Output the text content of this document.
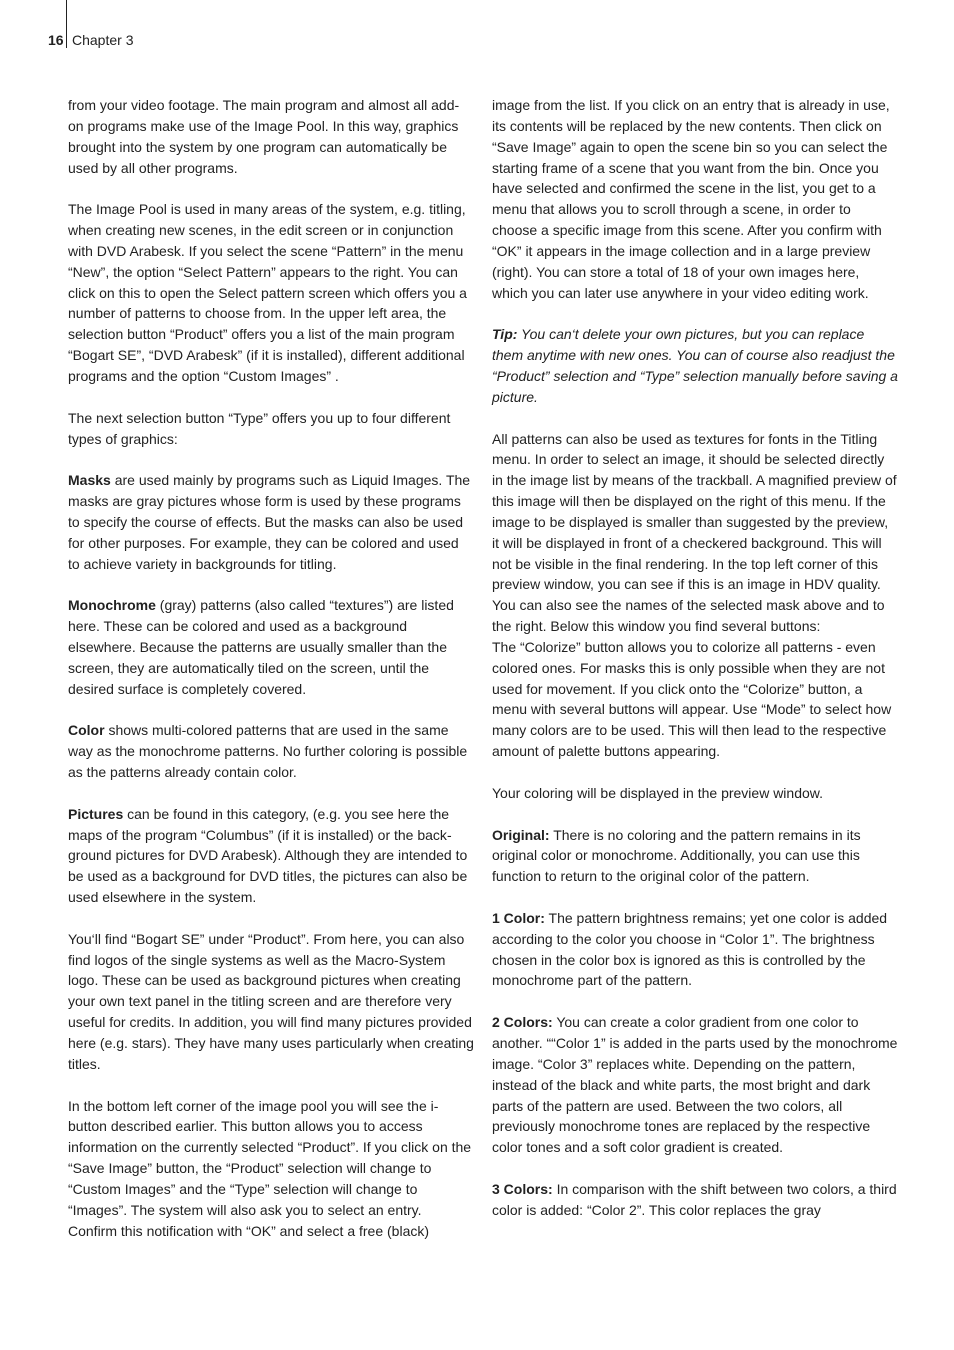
16 Chapter 3

from your video footage. The main program and almost all add-on programs make use of the Image Pool. In this way, graphics brought into the system by one program can automatically be used by all other programs.

The Image Pool is used in many areas of the system, e.g. titling, when creating new scenes, in the edit screen or in conjunction with DVD Arabesk. If you select the scene “Pattern” in the menu “New”, the option “Select Pattern” appears to the right. You can click on this to open the Select pattern screen which offers you a number of patterns to choose from. In the upper left area, the selection button “Product” offers you a list of the main program “Bogart SE”, “DVD Arabesk” (if it is installed), different additional programs and the option “Custom Images” .

The next selection button “Type” offers you up to four different types of graphics:

Masks are used mainly by programs such as Liquid Images. The masks are gray pictures whose form is used by these programs to specify the course of effects. But the masks can also be used for other purposes. For example, they can be colored and used to achieve variety in backgrounds for titling.

Monochrome (gray) patterns (also called “textures”) are listed here. These can be colored and used as a background elsewhere. Because the patterns are usually smaller than the screen, they are automatically tiled on the screen, until the desired surface is completely covered.

Color shows multi-colored patterns that are used in the same way as the monochrome patterns. No further coloring is possible as the patterns already contain color.

Pictures can be found in this category, (e.g. you see here the maps of the program “Columbus” (if it is installed) or the background pictures for DVD Arabesk). Although they are intended to be used as a background for DVD titles, the pictures can also be used elsewhere in the system.

You‘ll find “Bogart SE” under “Product”. From here, you can also find logos of the single systems as well as the Macro-System logo. These can be used as background pictures when creating your own text panel in the titling screen and are therefore very useful for credits. In addition, you will find many pictures provided here (e.g. stars). They have many uses particularly when creating titles.

In the bottom left corner of the image pool you will see the i-button described earlier. This button allows you to access information on the currently selected “Product”. If you click on the “Save Image” button, the “Product” selection will change to “Custom Images” and the “Type” selection will change to “Images”. The system will also ask you to select an entry. Confirm this notification with “OK” and select a free (black)

image from the list. If you click on an entry that is already in use, its contents will be replaced by the new contents. Then click on “Save Image” again to open the scene bin so you can select the starting frame of a scene that you want from the bin. Once you have selected and confirmed the scene in the list, you get to a menu that allows you to scroll through a scene, in order to choose a specific image from this scene. After you confirm with “OK” it appears in the image collection and in a large preview (right). You can store a total of 18 of your own images here, which you can later use anywhere in your video editing work.

Tip: You can‘t delete your own pictures, but you can replace them anytime with new ones. You can of course also readjust the “Product” selection and “Type” selection manually before saving a picture.

All patterns can also be used as textures for fonts in the Titling menu. In order to select an image, it should be selected directly in the image list by means of the trackball. A magnified preview of this image will then be displayed on the right of this menu. If the image to be displayed is smaller than suggested by the preview, it will be displayed in front of a checkered background. This will not be visible in the final rendering. In the top left corner of this preview window, you can see if this is an image in HDV quality. You can also see the names of the selected mask above and to the right. Below this window you find several buttons:

The “Colorize” button allows you to colorize all patterns - even colored ones. For masks this is only possible when they are not used for movement. If you click onto the “Colorize” button, a menu with several buttons will appear. Use “Mode” to select how many colors are to be used. This will then lead to the respective amount of palette buttons appearing.

Your coloring will be displayed in the preview window.

Original: There is no coloring and the pattern remains in its original color or monochrome. Additionally, you can use this function to return to the original color of the pattern.

1 Color: The pattern brightness remains; yet one color is added according to the color you choose in “Color 1”. The brightness chosen in the color box is ignored as this is controlled by the monochrome part of the pattern.

2 Colors: You can create a color gradient from one color to another. ““Color 1” is added in the parts used by the monochrome image. “Color 3” replaces white. Depending on the pattern, instead of the black and white parts, the most bright and dark parts of the pattern are used. Between the two colors, all previously monochrome tones are replaced by the respective color tones and a soft color gradient is created.

3 Colors: In comparison with the shift between two colors, a third color is added: “Color 2”. This color replaces the gray
